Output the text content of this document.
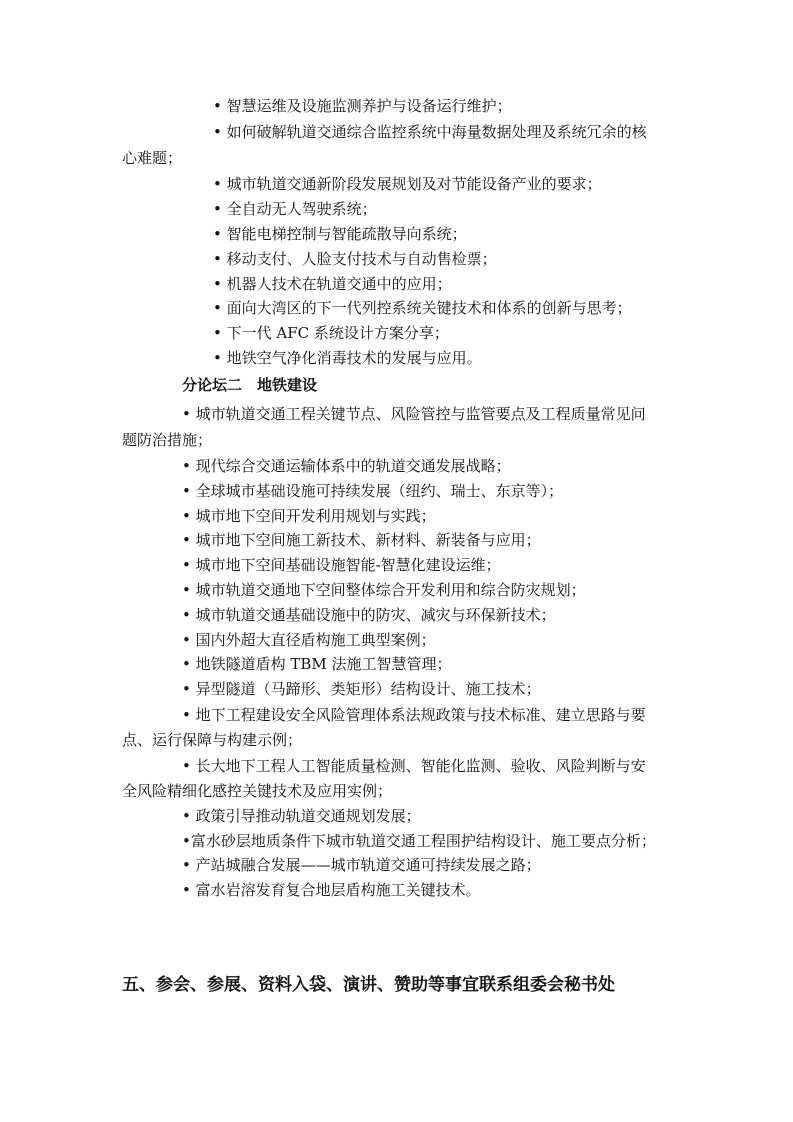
⁠
• 智慧运维及设施监测养护与设备运行维护；
• 如何破解轨道交通综合监控系统中海量数据处理及系统冗余的核
心难题；
• 城市轨道交通新阶段发展规划及对节能设备产业的要求；
• 全自动无人驾驶系统；
• 智能电梯控制与智能疏散导向系统；
• 移动支付、人脸支付技术与自动售检票；
• 机器人技术在轨道交通中的应用；
• 面向大湾区的下一代列控系统关键技术和体系的创新与思考；
• 下一代 AFC 系统设计方案分享；
• 地铁空气净化消毒技术的发展与应用。
分论坛二　地铁建设
• 城市轨道交通工程关键节点、风险管控与监管要点及工程质量常见问
题防治措施；
• 现代综合交通运输体系中的轨道交通发展战略；
• 全球城市基础设施可持续发展（纽约、瑞士、东京等）；
• 城市地下空间开发利用规划与实践；
• 城市地下空间施工新技术、新材料、新装备与应用；
• 城市地下空间基础设施智能-智慧化建设运维；
• 城市轨道交通地下空间整体综合开发利用和综合防灾规划；
• 城市轨道交通基础设施中的防灾、减灾与环保新技术；
• 国内外超大直径盾构施工典型案例；
• 地铁隧道盾构 TBM 法施工智慧管理；
• 异型隧道（马蹄形、类矩形）结构设计、施工技术；
• 地下工程建设安全风险管理体系法规政策与技术标准、建立思路与要
点、运行保障与构建示例；
• 长大地下工程人工智能质量检测、智能化监测、验收、风险判断与安
全风险精细化感控关键技术及应用实例；
• 政策引导推动轨道交通规划发展；
•富水砂层地质条件下城市轨道交通工程围护结构设计、施工要点分析；
• 产站城融合发展——城市轨道交通可持续发展之路；
• 富水岩溶发育复合地层盾构施工关键技术。
五、参会、参展、资料入袋、演讲、赞助等事宜联系组委会秘书处
